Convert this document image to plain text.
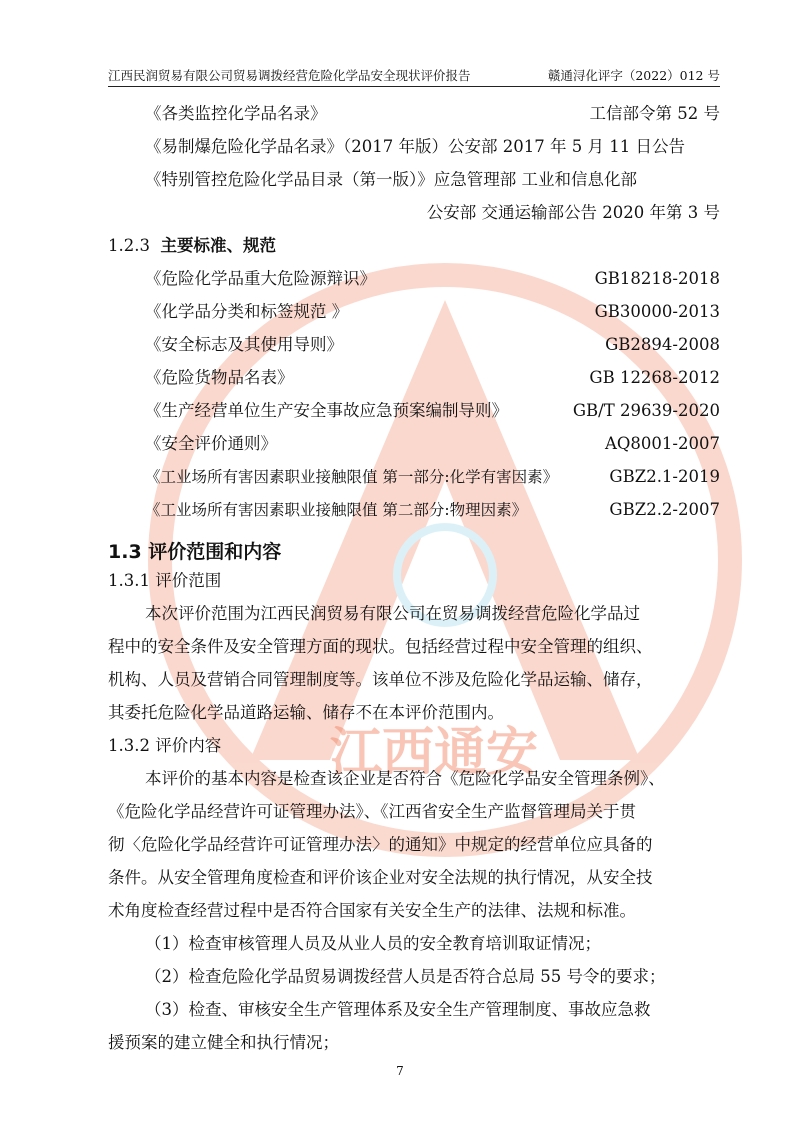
江西通安
江西民润贸易有限公司贸易调拨经营危险化学品安全现状评价报告	赣通浔化评字（2022）012 号
《各类监控化学品名录》	工信部令第 52 号
《易制爆危险化学品名录》（2017 年版）公安部 2017 年 5 月 11 日公告
《特别管控危险化学品目录（第一版）》应急管理部 工业和信息化部
公安部 交通运输部公告 2020 年第 3 号
1.2.3 主要标准、规范
《危险化学品重大危险源辩识》	GB18218-2018
《化学品分类和标签规范 》	GB30000-2013
《安全标志及其使用导则》	GB2894-2008
《危险货物品名表》	GB 12268-2012
《生产经营单位生产安全事故应急预案编制导则》	GB/T 29639-2020
《安全评价通则》	AQ8001-2007
《工业场所有害因素职业接触限值 第一部分:化学有害因素》	GBZ2.1-2019
《工业场所有害因素职业接触限值 第二部分:物理因素》	GBZ2.2-2007
1.3 评价范围和内容
1.3.1 评价范围
本次评价范围为江西民润贸易有限公司在贸易调拨经营危险化学品过
程中的安全条件及安全管理方面的现状。包括经营过程中安全管理的组织、
机构、人员及营销合同管理制度等。该单位不涉及危险化学品运输、储存，
其委托危险化学品道路运输、储存不在本评价范围内。
1.3.2 评价内容
本评价的基本内容是检查该企业是否符合《危险化学品安全管理条例》、
《危险化学品经营许可证管理办法》、《江西省安全生产监督管理局关于贯
彻〈危险化学品经营许可证管理办法〉的通知》中规定的经营单位应具备的
条件。从安全管理角度检查和评价该企业对安全法规的执行情况，从安全技
术角度检查经营过程中是否符合国家有关安全生产的法律、法规和标准。
（1）检查审核管理人员及从业人员的安全教育培训取证情况；
（2）检查危险化学品贸易调拨经营人员是否符合总局 55 号令的要求；
（3）检查、审核安全生产管理体系及安全生产管理制度、事故应急救
援预案的建立健全和执行情况；
7
